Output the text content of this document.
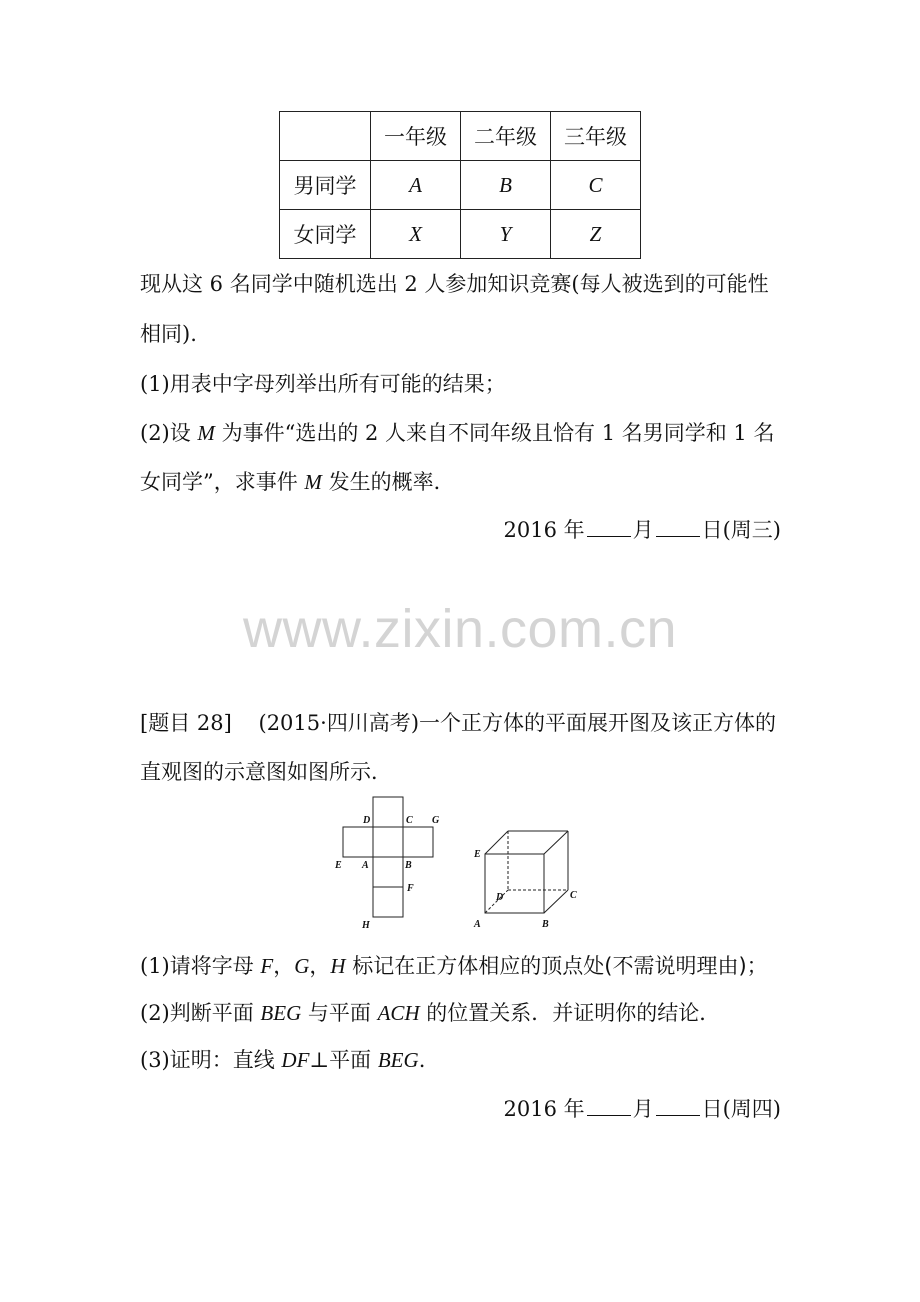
	一年级	二年级	三年级
男同学	A	B	C
女同学	X	Y	Z
现从这 6 名同学中随机选出 2 人参加知识竞赛(每人被选到的可能性
相同).
(1)用表中字母列举出所有可能的结果；
(2)设 M 为事件“选出的 2 人来自不同年级且恰有 1 名男同学和 1 名
女同学”，求事件 M 发生的概率．
2016 年 月 日(周三)
www.zixin.com.cn
[题目 28] (2015·四川高考)一个正方体的平面展开图及该正方体的
直观图的示意图如图所示．
D	C G
E A	B
F
H
E
D	C
A	B
(1)请将字母 F，G，H 标记在正方体相应的顶点处(不需说明理由)；
(2)判断平面 BEG 与平面 ACH 的位置关系．并证明你的结论．
(3)证明：直线 DF⊥平面 BEG.
2016 年 月 日(周四)
